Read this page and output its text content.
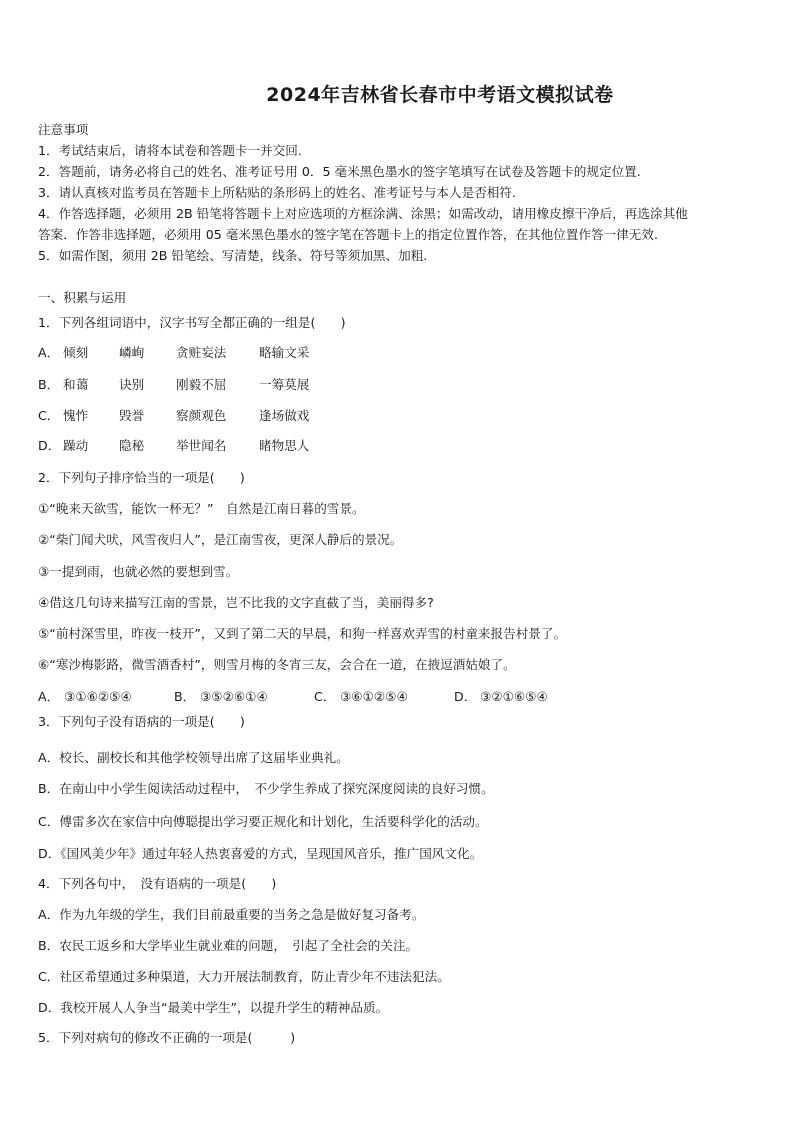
2024年吉林省长春市中考语文模拟试卷
注意事项
1．考试结束后，请将本试卷和答题卡一并交回.
2．答题前，请务必将自己的姓名、准考证号用 0．5 毫米黑色墨水的签字笔填写在试卷及答题卡的规定位置.
3．请认真核对监考员在答题卡上所粘贴的条形码上的姓名、准考证号与本人是否相符.
4．作答选择题，必须用 2B 铅笔将答题卡上对应选项的方框涂满、涂黑；如需改动，请用橡皮擦干净后，再选涂其他
答案．作答非选择题，必须用 05 毫米黑色墨水的签字笔在答题卡上的指定位置作答，在其他位置作答一律无效.
5．如需作图，须用 2B 铅笔绘、写清楚，线条、符号等须加黑、加粗.
一、积累与运用
1．下列各组词语中，汉字书写全都正确的一组是(　　)
A． 倾刻 嶙峋	贪赃妄法	略输文采
B． 和蔼 诀别	刚毅不屈	一筹莫展
C． 愧怍 毁誉	察颜观色	逢场做戏
D． 躁动 隐秘	举世闻名	睹物思人
2．下列句子排序恰当的一项是(　　)
①“晚来天欲雪，能饮一杯无？”　自然是江南日暮的雪景。
②“柴门闻犬吠，风雪夜归人”，是江南雪夜，更深人静后的景况。
③一提到雨，也就必然的要想到雪。
④借这几句诗来描写江南的雪景，岂不比我的文字直截了当，美丽得多?
⑤“前村深雪里，昨夜一枝开”，又到了第二天的早晨，和狗一样喜欢弄雪的村童来报告村景了。
⑥“寒沙梅影路，微雪酒香村”，则雪月梅的冬宵三友，会合在一道，在掖逗酒姑娘了。
A． ③①⑥②⑤④	B． ③⑤②⑥①④	C． ③⑥①②⑤④	D． ③②①⑥⑤④
3．下列句子没有语病的一项是(　　)
A．校长、副校长和其他学校领导出席了这届毕业典礼。
B．在南山中小学生阅读活动过程中，　不少学生养成了探究深度阅读的良好习惯。
C．傅雷多次在家信中向傅聪提出学习要正规化和计划化，生活要科学化的活动。
D．《国风美少年》通过年轻人热衷喜爱的方式，呈现国风音乐，推广国风文化。
4．下列各句中，　没有语病的一项是(　　)
A．作为九年级的学生，我们目前最重要的当务之急是做好复习备考。
B．农民工返乡和大学毕业生就业难的问题，　引起了全社会的关注。
C．社区希望通过多种渠道，大力开展法制教育，防止青少年不违法犯法。
D．我校开展人人争当“最美中学生”，以提升学生的精神品质。
5．下列对病句的修改不正确的一项是(　　　)
